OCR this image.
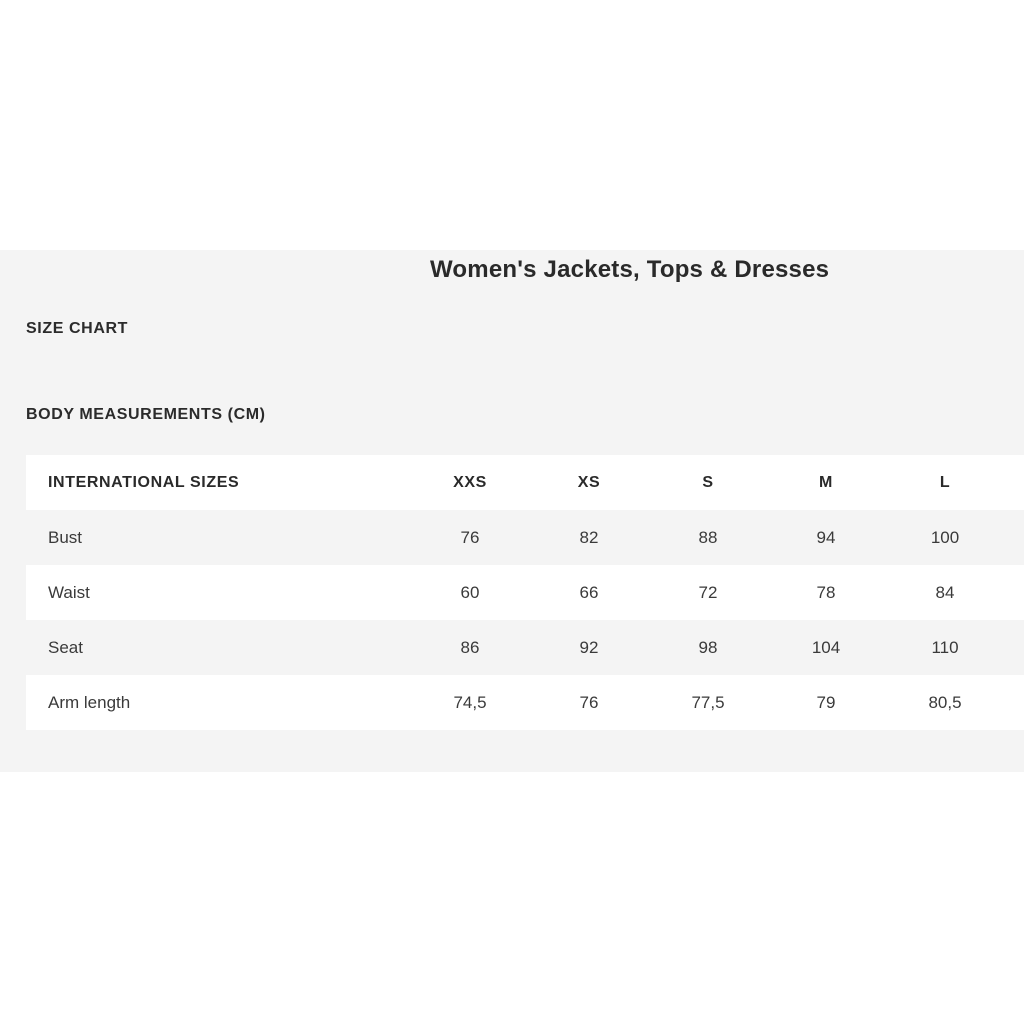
Women's Jackets, Tops & Dresses
SIZE CHART
BODY MEASUREMENTS (CM)
INTERNATIONAL SIZES	XXS	XS	S	M	L
Bust	76	82	88	94	100
Waist	60	66	72	78	84
Seat	86	92	98	104	110
Arm length	74,5	76	77,5	79	80,5
